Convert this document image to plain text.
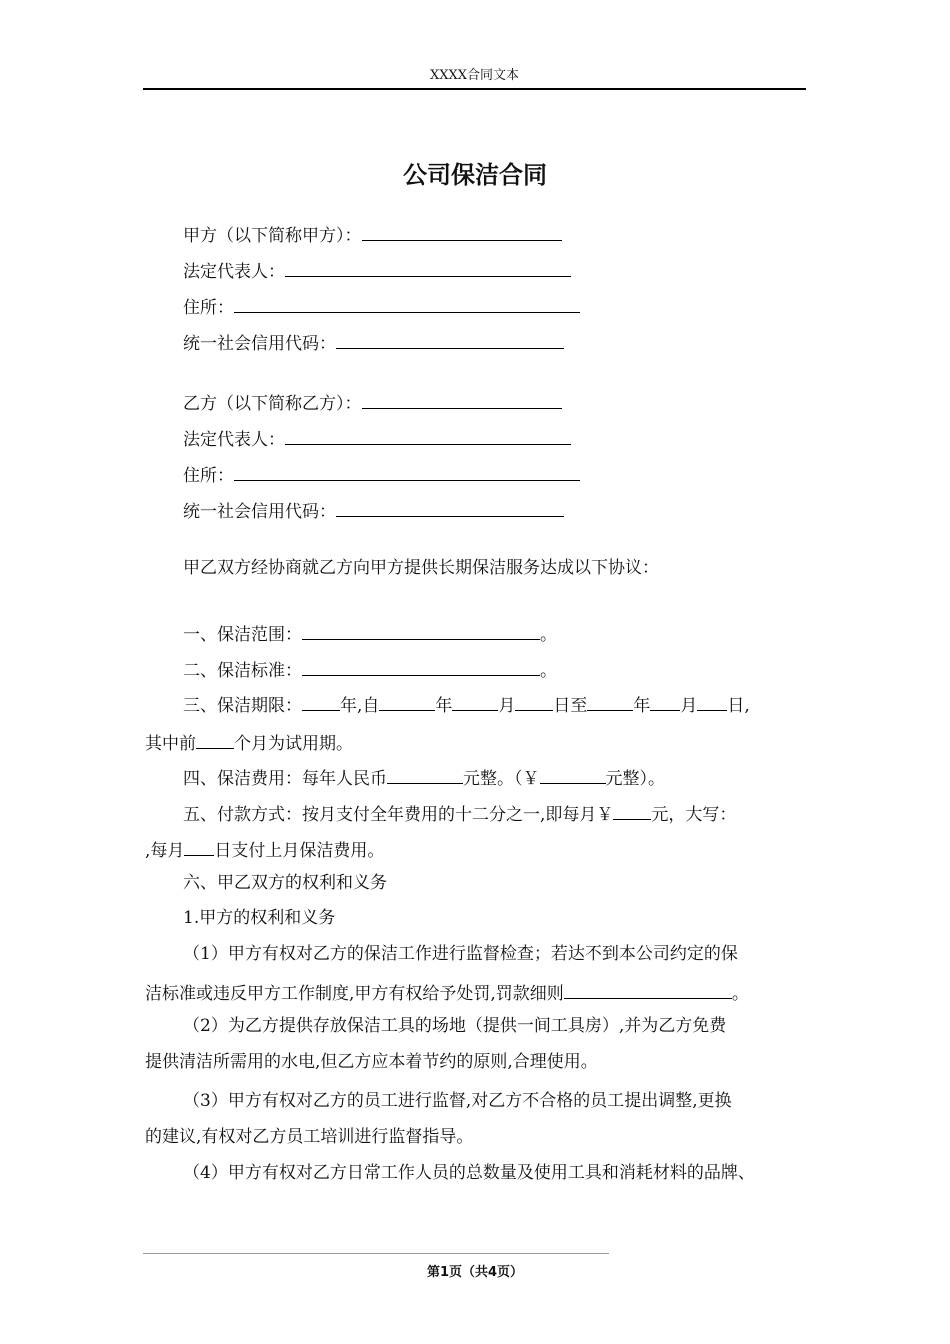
XXXX合同文本
公司保洁合同
甲方（以下简称甲方）：
法定代表人：
住所：
统一社会信用代码：
乙方（以下简称乙方）：
法定代表人：
住所：
统一社会信用代码：
甲乙双方经协商就乙方向甲方提供长期保洁服务达成以下协议：
一、保洁范围：	。
二、保洁标准：	。
三、保洁期限： 年,自	年	月 日至	年 月 日,
其中前 个月为试用期。
四、保洁费用：每年人民币	元整。（￥	元整）。
五、付款方式：按月支付全年费用的十二分之一,即每月￥ 元，大写：
,每月 日支付上月保洁费用。
六、甲乙双方的权利和义务
1.甲方的权利和义务
（1）甲方有权对乙方的保洁工作进行监督检查；若达不到本公司约定的保
洁标准或违反甲方工作制度,甲方有权给予处罚,罚款细则	。
（2）为乙方提供存放保洁工具的场地（提供一间工具房）,并为乙方免费
提供清洁所需用的水电,但乙方应本着节约的原则,合理使用。
（3）甲方有权对乙方的员工进行监督,对乙方不合格的员工提出调整,更换
的建议,有权对乙方员工培训进行监督指导。
（4）甲方有权对乙方日常工作人员的总数量及使用工具和消耗材料的品牌、
第1页（共4页）
